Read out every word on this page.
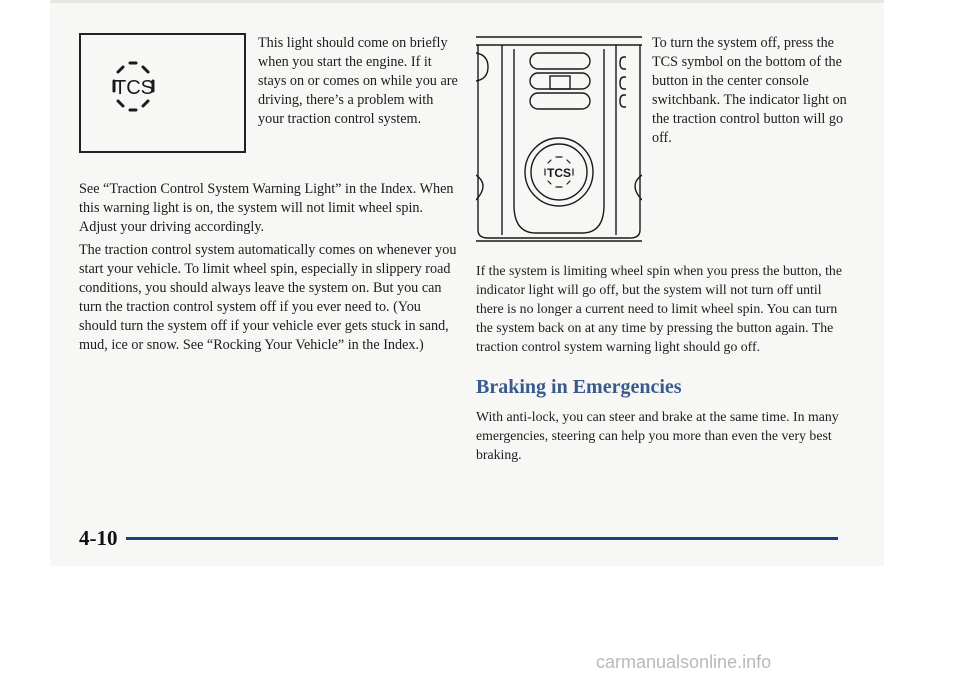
TCS

This light should come on briefly when you start the engine. If it stays on or comes on while you are driving, there’s a problem with your traction control system.

See “Traction Control System Warning Light” in the Index. When this warning light is on, the system will not limit wheel spin. Adjust your driving accordingly.

The traction control system automatically comes on whenever you start your vehicle. To limit wheel spin, especially in slippery road conditions, you should always leave the system on. But you can turn the traction control system off if you ever need to. (You should turn the system off if your vehicle ever gets stuck in sand, mud, ice or snow. See “Rocking Your Vehicle” in the Index.)

TCS

To turn the system off, press the TCS symbol on the bottom of the button in the center console switchbank. The indicator light on the traction control button will go off.

If the system is limiting wheel spin when you press the button, the indicator light will go off, but the system will not turn off until there is no longer a current need to limit wheel spin. You can turn the system back on at any time by pressing the button again. The traction control system warning light should go off.

Braking in Emergencies

With anti-lock, you can steer and brake at the same time. In many emergencies, steering can help you more than even the very best braking.

4-10

carmanualsonline.info
